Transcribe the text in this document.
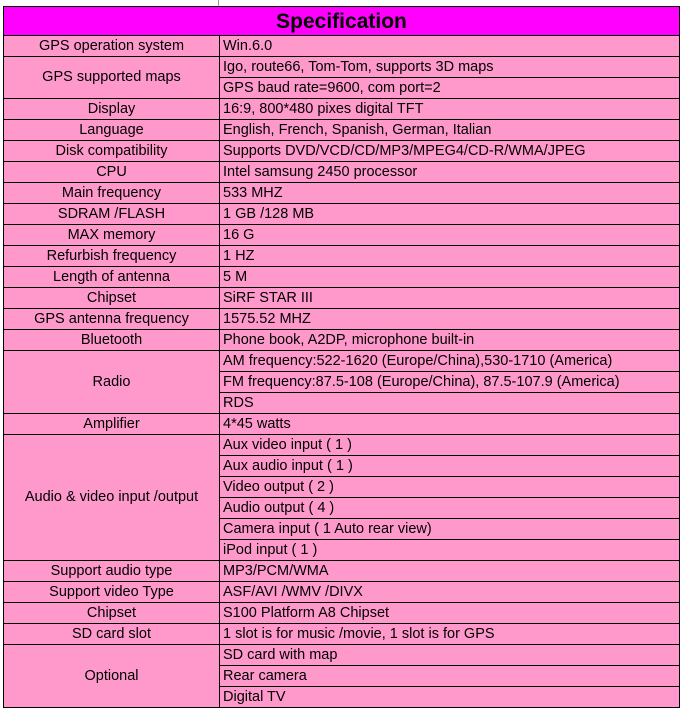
Specification	
GPS operation system	Win.6.0
GPS supported maps	Igo, route66, Tom-Tom, supports 3D maps
	GPS baud rate=9600, com port=2
Display	16:9, 800*480 pixes digital TFT
Language	English, French, Spanish, German, Italian
Disk compatibility	Supports DVD/VCD/CD/MP3/MPEG4/CD-R/WMA/JPEG
CPU	Intel samsung 2450 processor
Main frequency	533 MHZ
SDRAM /FLASH	1 GB /128 MB
MAX memory	16 G
Refurbish frequency	1 HZ
Length of antenna	5 M
Chipset	SiRF STAR III
GPS antenna frequency	1575.52 MHZ
Bluetooth	Phone book, A2DP, microphone built-in
Radio	AM frequency:522-1620 (Europe/China),530-1710 (America)
	FM frequency:87.5-108 (Europe/China), 87.5-107.9 (America)
	RDS
Amplifier	4*45 watts
Audio & video input /output	Aux video input ( 1 )
	Aux audio input ( 1 )
	Video output ( 2 )
	Audio output ( 4 )
	Camera input ( 1 Auto rear view)
	iPod input ( 1 )
Support audio type	MP3/PCM/WMA
Support video Type	ASF/AVI /WMV /DIVX
Chipset	S100 Platform A8 Chipset
SD card slot	1 slot is for music /movie, 1 slot is for GPS
Optional	SD card with map
	Rear camera
	Digital TV
